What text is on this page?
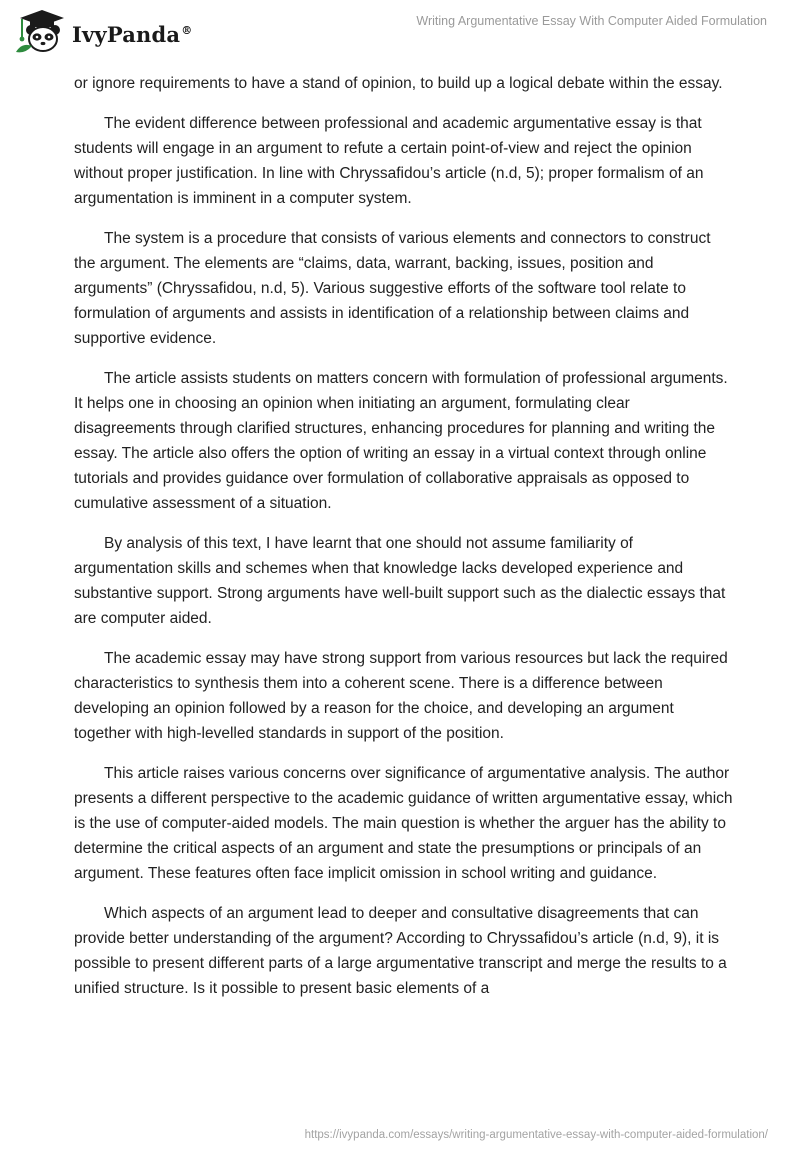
IvyPanda®
Writing Argumentative Essay With Computer Aided Formulation

or ignore requirements to have a stand of opinion, to build up a logical debate within the essay.

The evident difference between professional and academic argumentative essay is that students will engage in an argument to refute a certain point-of-view and reject the opinion without proper justification. In line with Chryssafidou’s article (n.d, 5); proper formalism of an argumentation is imminent in a computer system.

The system is a procedure that consists of various elements and connectors to construct the argument. The elements are “claims, data, warrant, backing, issues, position and arguments” (Chryssafidou, n.d, 5). Various suggestive efforts of the software tool relate to formulation of arguments and assists in identification of a relationship between claims and supportive evidence.

The article assists students on matters concern with formulation of professional arguments. It helps one in choosing an opinion when initiating an argument, formulating clear disagreements through clarified structures, enhancing procedures for planning and writing the essay. The article also offers the option of writing an essay in a virtual context through online tutorials and provides guidance over formulation of collaborative appraisals as opposed to cumulative assessment of a situation.

By analysis of this text, I have learnt that one should not assume familiarity of argumentation skills and schemes when that knowledge lacks developed experience and substantive support. Strong arguments have well-built support such as the dialectic essays that are computer aided.

The academic essay may have strong support from various resources but lack the required characteristics to synthesis them into a coherent scene. There is a difference between developing an opinion followed by a reason for the choice, and developing an argument together with high-levelled standards in support of the position.

This article raises various concerns over significance of argumentative analysis. The author presents a different perspective to the academic guidance of written argumentative essay, which is the use of computer-aided models. The main question is whether the arguer has the ability to determine the critical aspects of an argument and state the presumptions or principals of an argument. These features often face implicit omission in school writing and guidance.

Which aspects of an argument lead to deeper and consultative disagreements that can provide better understanding of the argument? According to Chryssafidou’s article (n.d, 9), it is possible to present different parts of a large argumentative transcript and merge the results to a unified structure. Is it possible to present basic elements of a

https://ivypanda.com/essays/writing-argumentative-essay-with-computer-aided-formulation/
